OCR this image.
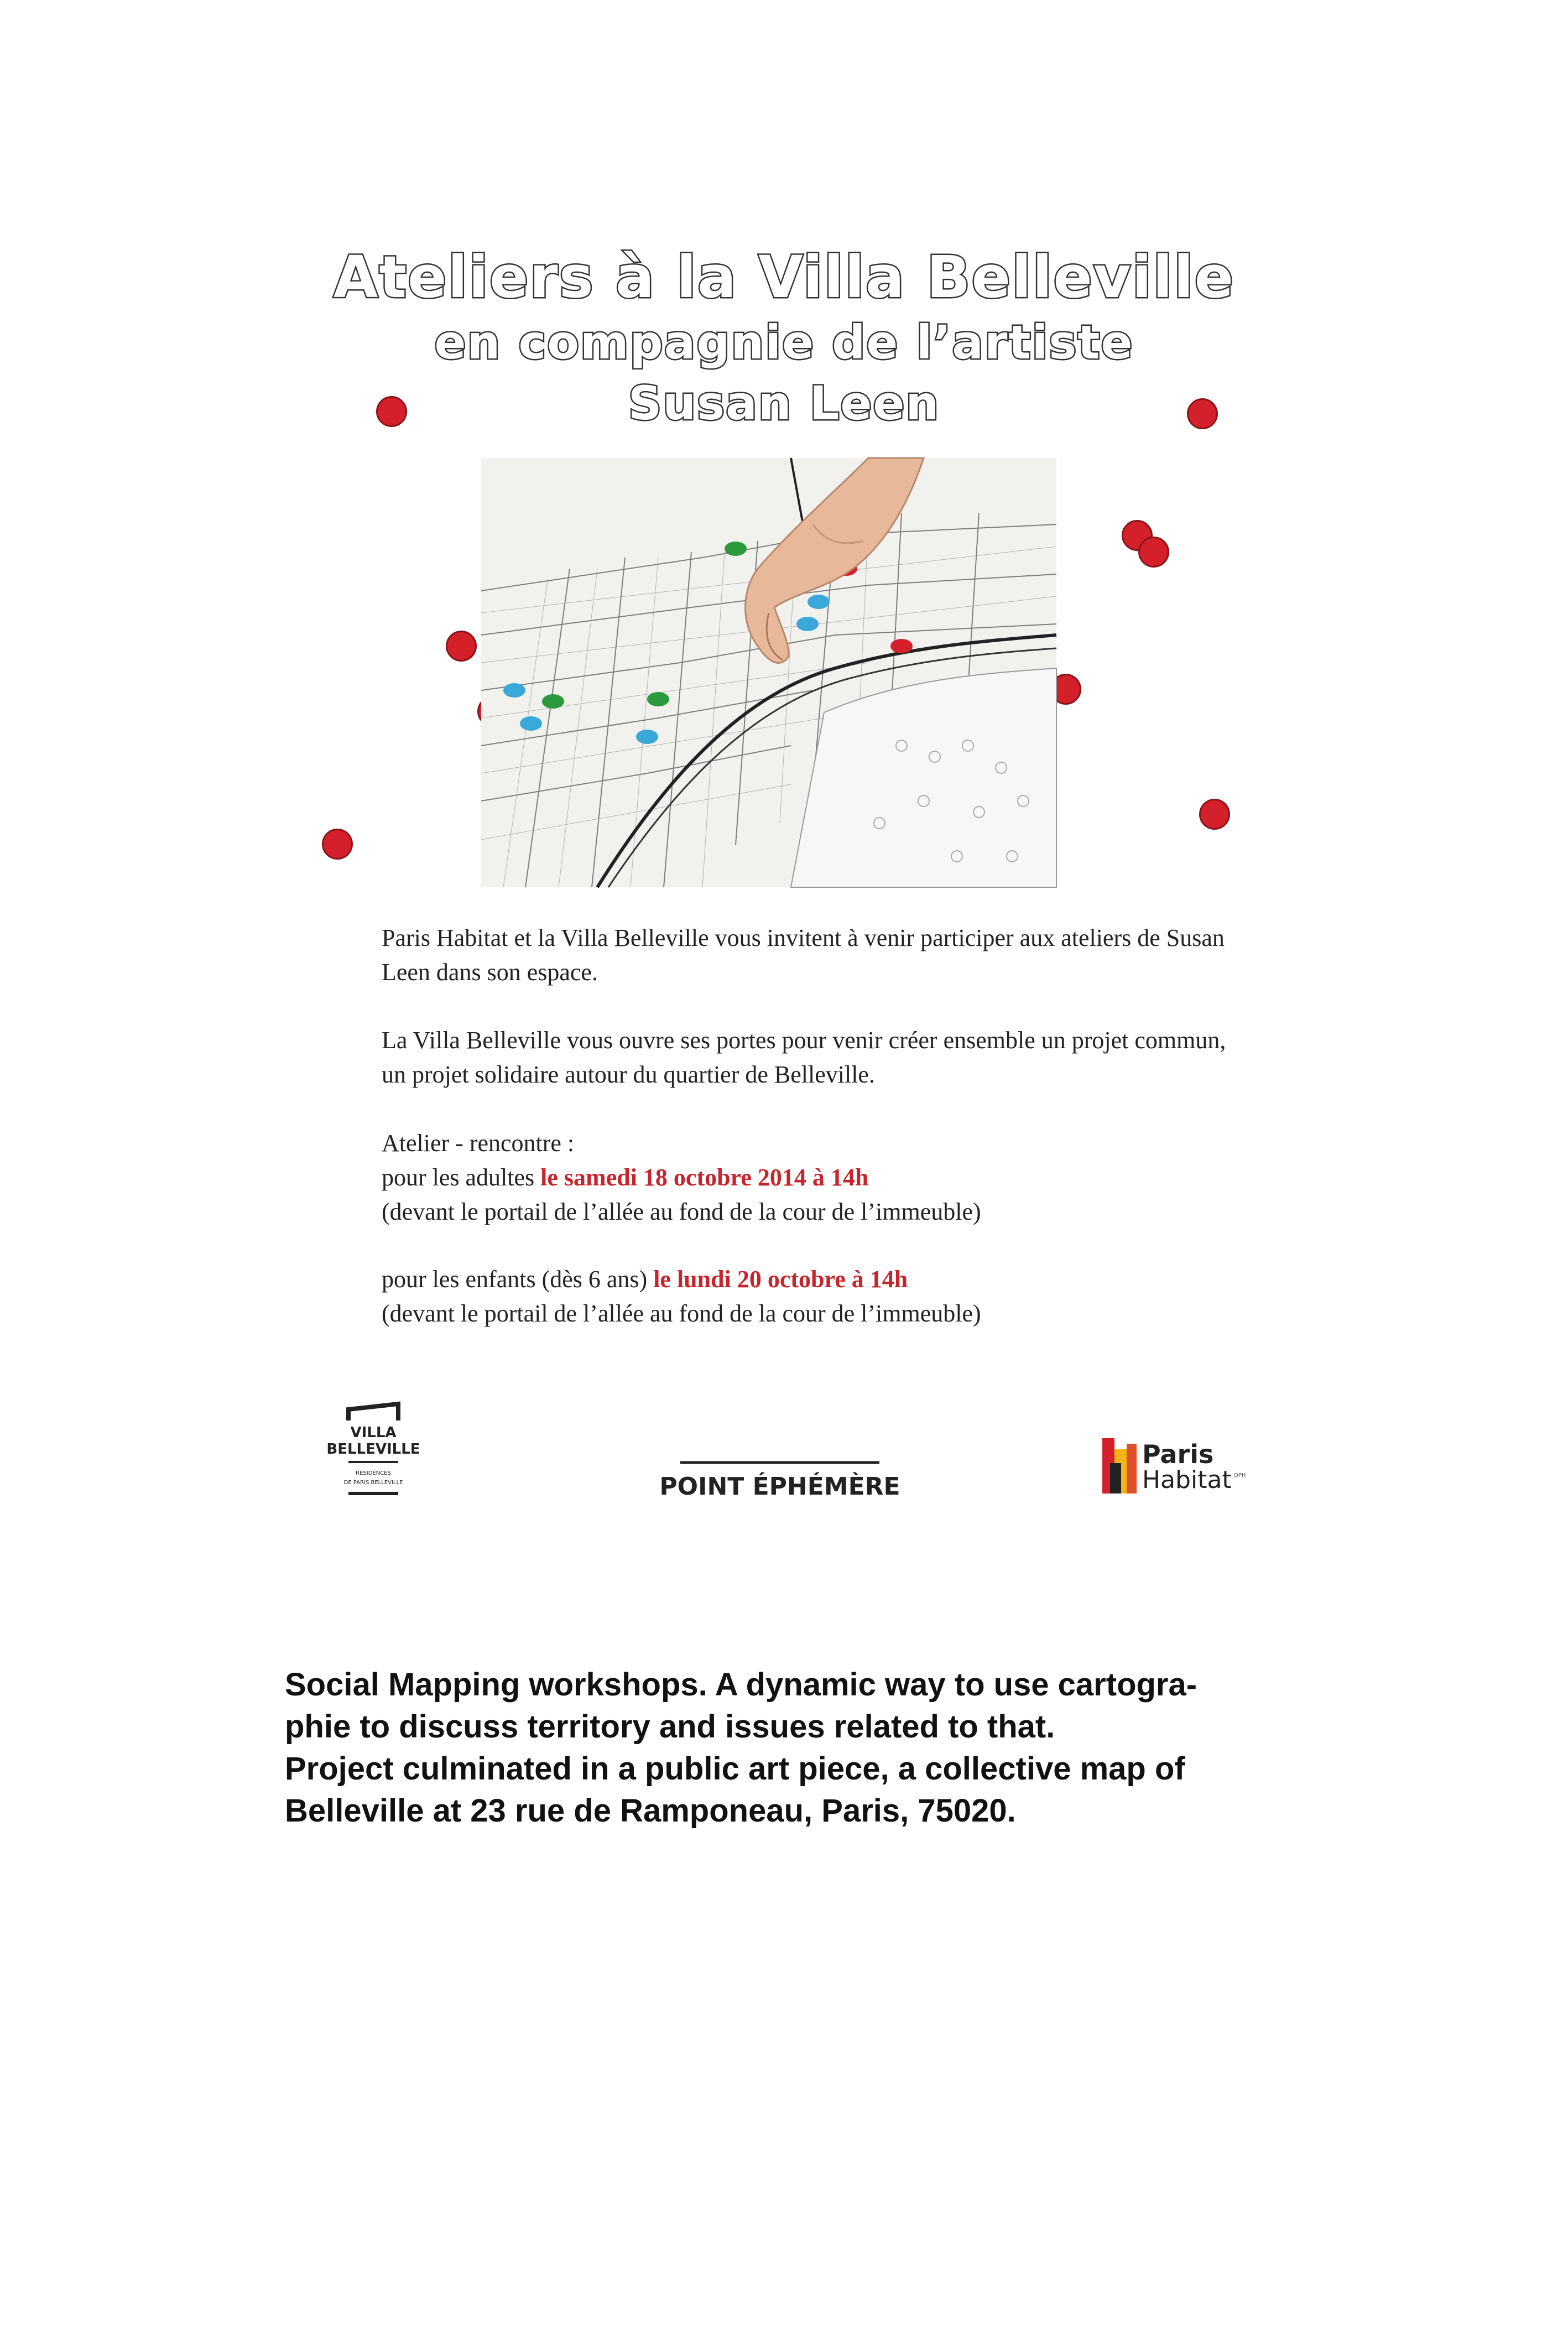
Ateliers à la Villa Belleville
en compagnie de l’artiste
Susan Leen
Paris Habitat et la Villa Belleville vous invitent à venir participer aux ateliers de Susan Leen dans son espace.
La Villa Belleville vous ouvre ses portes pour venir créer ensemble un projet commun, un projet solidaire autour du quartier de Belleville.
Atelier - rencontre :
pour les adultes le samedi 18 octobre 2014 à 14h
(devant le portail de l’allée au fond de la cour de l’immeuble)
pour les enfants (dès 6 ans) le lundi 20 octobre à 14h
(devant le portail de l’allée au fond de la cour de l’immeuble)
VILLA
BELLEVILLE
RÉSIDENCES
DE PARIS BELLEVILLE	POINT ÉPHÉMÈRE
Paris
Habitat OPH
Social Mapping workshops. A dynamic way to use cartogra-
phie to discuss territory and issues related to that.
Project culminated in a public art piece, a collective map of
Belleville at 23 rue de Ramponeau, Paris, 75020.
